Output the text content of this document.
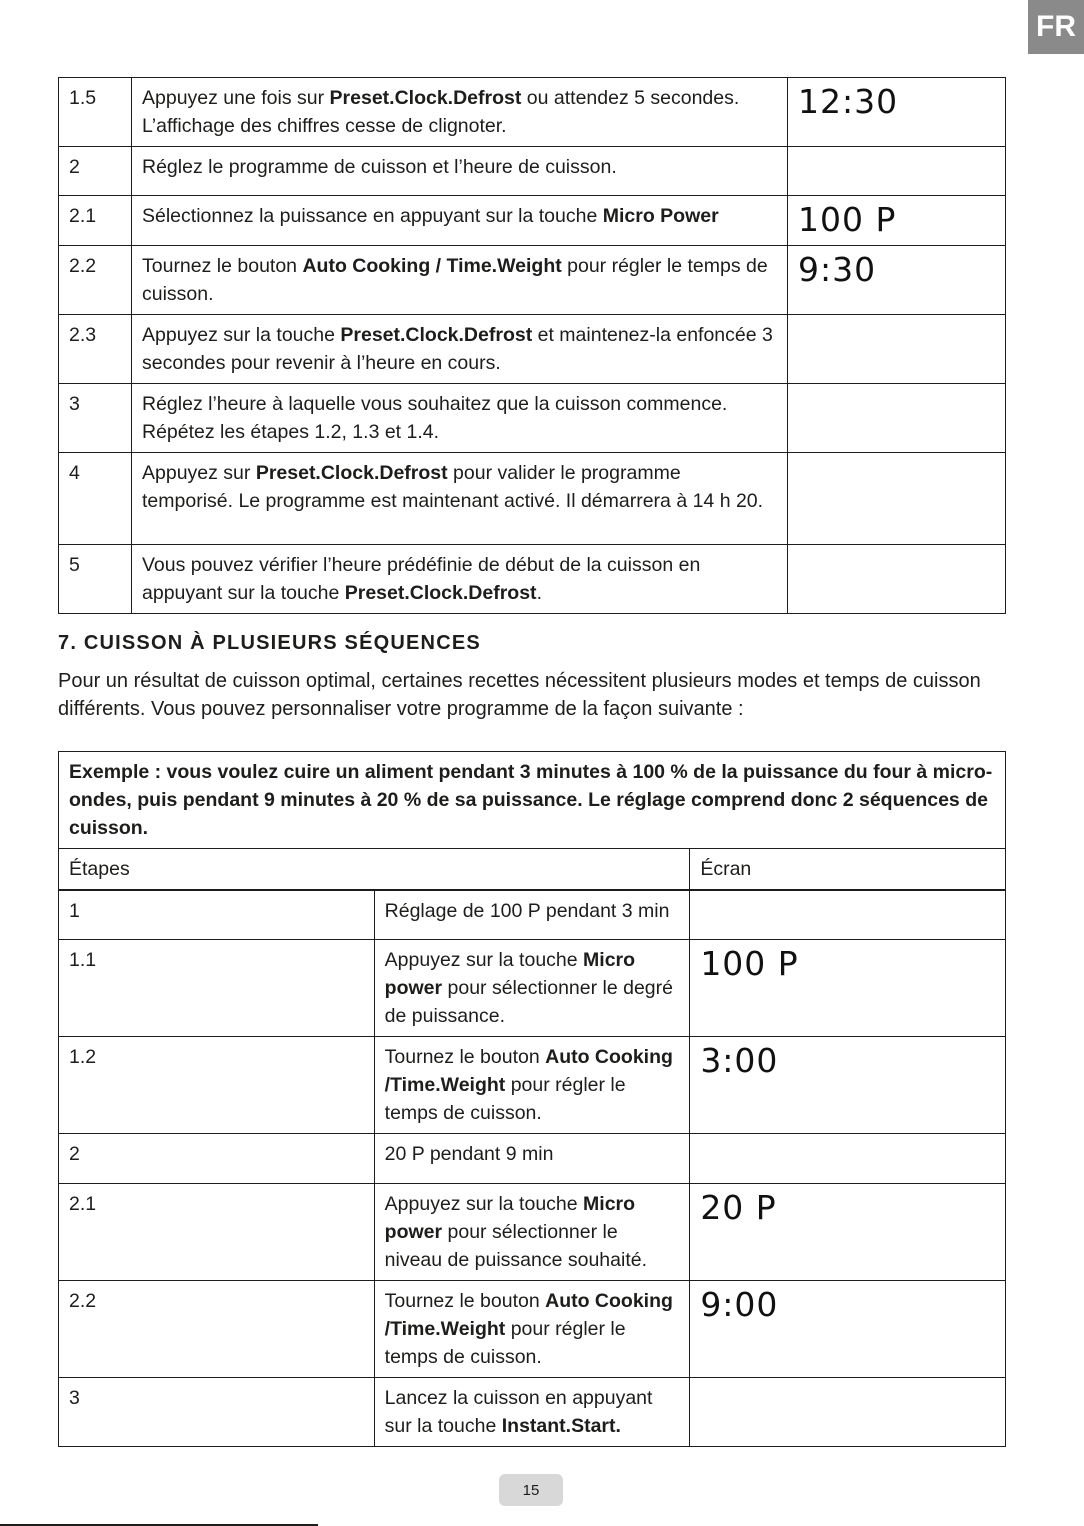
FR
1.5	Appuyez une fois sur Preset.Clock.Defrost ou attendez 5 secondes. L’affichage des chiffres cesse de clignoter.	12:30

2	Réglez le programme de cuisson et l’heure de cuisson.	

2.1	Sélectionnez la puissance en appuyant sur la touche Micro Power	100 P

2.2	Tournez le bouton Auto Cooking / Time.Weight pour régler le temps de cuisson.	9:30

2.3	Appuyez sur la touche Preset.Clock.Defrost et maintenez-la enfoncée 3 secondes pour revenir à l’heure en cours.	

3	Réglez l’heure à laquelle vous souhaitez que la cuisson commence. Répétez les étapes 1.2, 1.3 et 1.4.	

4	Appuyez sur Preset.Clock.Defrost pour valider le programme temporisé. Le programme est maintenant activé. Il démarrera à 14 h 20.	

5	Vous pouvez vérifier l’heure prédéfinie de début de la cuisson en appuyant sur la touche Preset.Clock.Defrost.	
7. CUISSON À PLUSIEURS SÉQUENCES
Pour un résultat de cuisson optimal, certaines recettes nécessitent plusieurs modes et temps de cuisson différents. Vous pouvez personnaliser votre programme de la façon suivante :
Exemple : vous voulez cuire un aliment pendant 3 minutes à 100 % de la puissance du four à micro-ondes, puis pendant 9 minutes à 20 % de sa puissance. Le réglage comprend donc 2 séquences de cuisson.		
Étapes		Écran
1	Réglage de 100 P pendant 3 min	

1.1	Appuyez sur la touche Micro power pour sélectionner le degré de puissance.	100 P

1.2	Tournez le bouton Auto Cooking /Time.Weight pour régler le temps de cuisson.	3:00

2	20 P pendant 9 min	

2.1	Appuyez sur la touche Micro power pour sélectionner le niveau de puissance souhaité.	20 P

2.2	Tournez le bouton Auto Cooking /Time.Weight pour régler le temps de cuisson.	9:00

3	Lancez la cuisson en appuyant sur la touche Instant.Start.	
15
